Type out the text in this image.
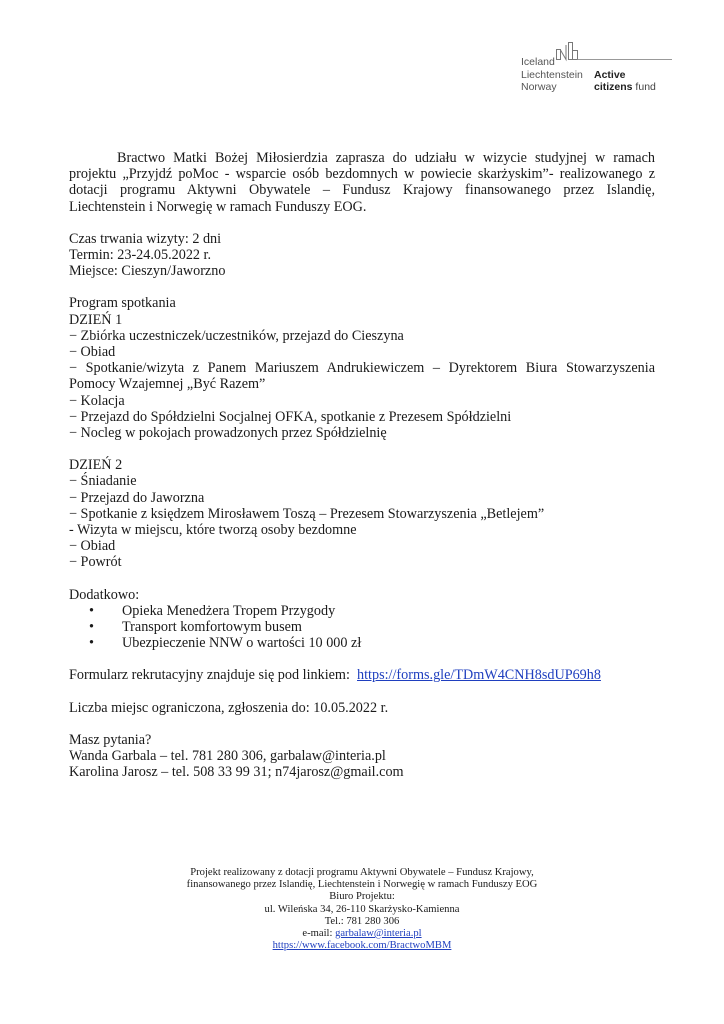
Iceland
Liechtenstein
Norway
Active
citizens fund
Bractwo Matki Bożej Miłosierdzia zaprasza do udziału w wizycie studyjnej w ramach
projektu „Przyjdź poMoc - wsparcie osób bezdomnych w powiecie skarżyskim”- realizowanego z
dotacji programu Aktywni Obywatele – Fundusz Krajowy finansowanego przez Islandię,
Liechtenstein i Norwegię w ramach Funduszy EOG.
Czas trwania wizyty: 2 dni
Termin: 23-24.05.2022 r.
Miejsce: Cieszyn/Jaworzno
Program spotkania
DZIEŃ 1
− Zbiórka uczestniczek/uczestników, przejazd do Cieszyna
− Obiad
− Spotkanie/wizyta z Panem Mariuszem Andrukiewiczem – Dyrektorem Biura Stowarzyszenia
Pomocy Wzajemnej „Być Razem”
− Kolacja
− Przejazd do Spółdzielni Socjalnej OFKA, spotkanie z Prezesem Spółdzielni
− Nocleg w pokojach prowadzonych przez Spółdzielnię
DZIEŃ 2
− Śniadanie
− Przejazd do Jaworzna
− Spotkanie z księdzem Mirosławem Toszą – Prezesem Stowarzyszenia „Betlejem”
- Wizyta w miejscu, które tworzą osoby bezdomne
− Obiad
− Powrót
Dodatkowo:
• Opieka Menedżera Tropem Przygody
• Transport komfortowym busem
• Ubezpieczenie NNW o wartości 10 000 zł
Formularz rekrutacyjny znajduje się pod linkiem: https://forms.gle/TDmW4CNH8sdUP69h8
Liczba miejsc ograniczona, zgłoszenia do: 10.05.2022 r.
Masz pytania?
Wanda Garbala – tel. 781 280 306, garbalaw@interia.pl
Karolina Jarosz – tel. 508 33 99 31; n74jarosz@gmail.com
Projekt realizowany z dotacji programu Aktywni Obywatele – Fundusz Krajowy,
finansowanego przez Islandię, Liechtenstein i Norwegię w ramach Funduszy EOG
Biuro Projektu:
ul. Wileńska 34, 26-110 Skarżysko-Kamienna
Tel.: 781 280 306
e-mail: garbalaw@interia.pl
https://www.facebook.com/BractwoMBM
